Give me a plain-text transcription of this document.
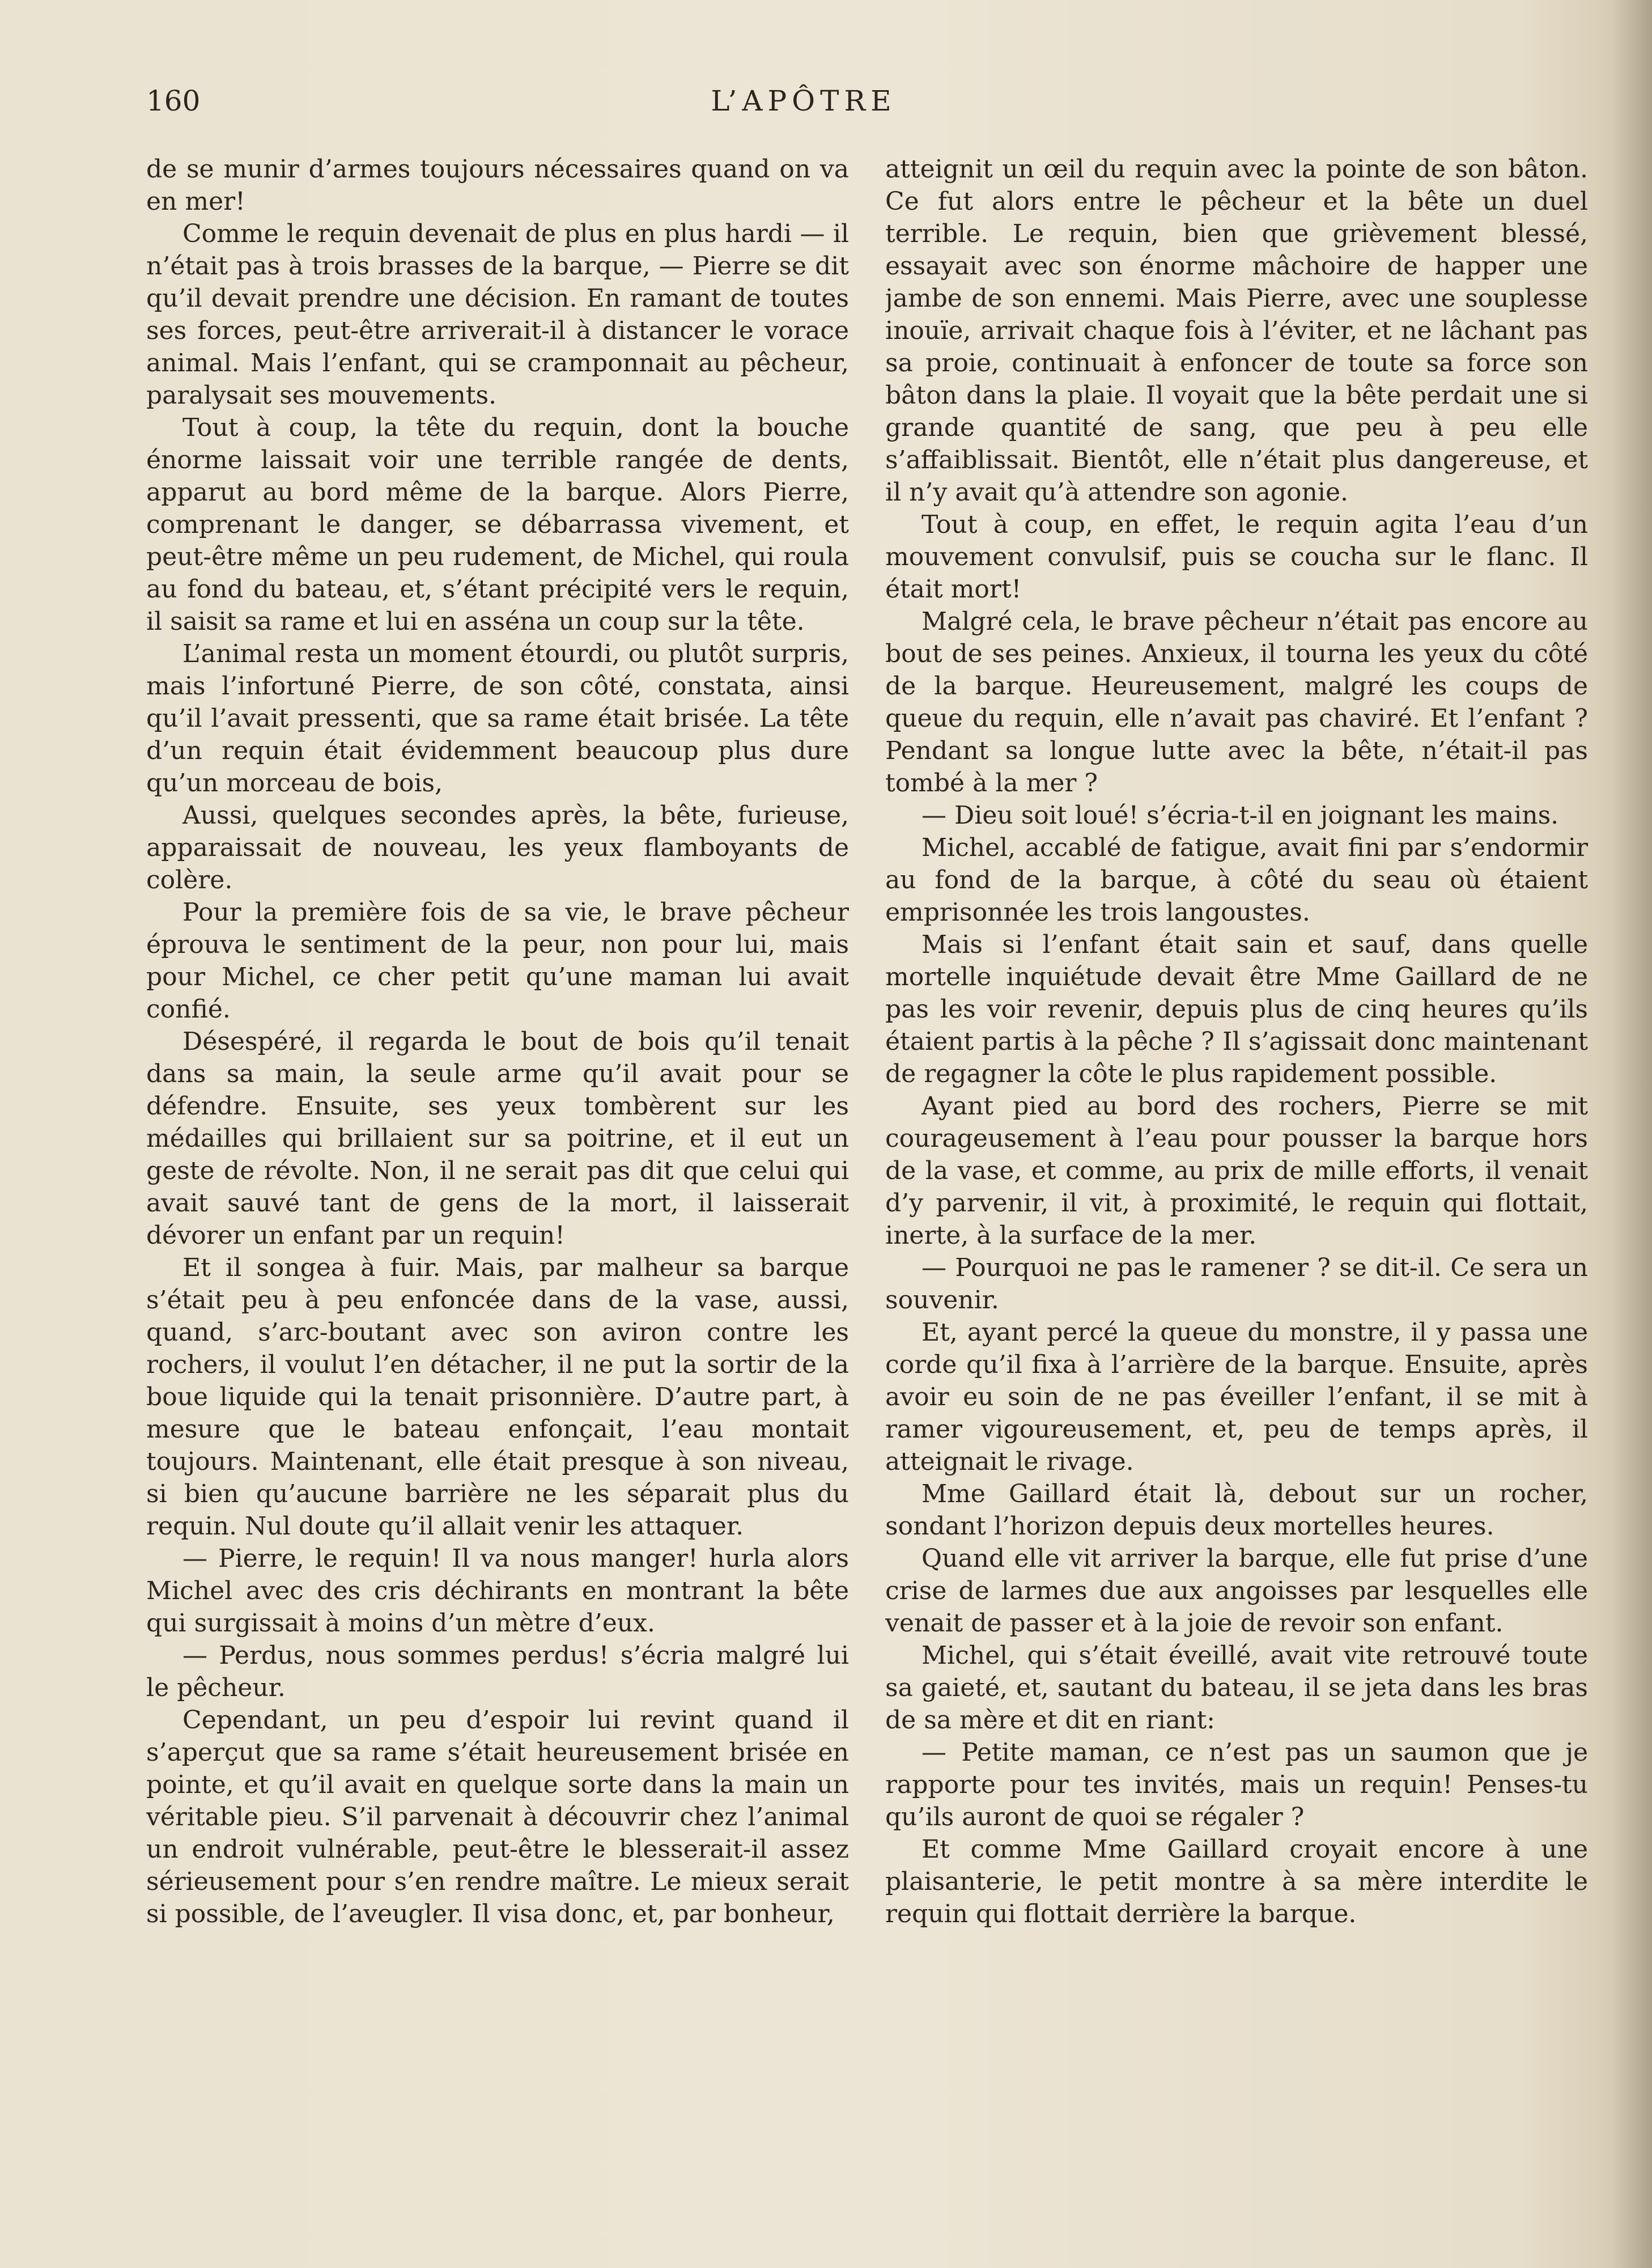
160	L’APÔTRE

de se munir d’armes toujours nécessaires quand on va en mer!

Comme le requin devenait de plus en plus hardi — il n’était pas à trois brasses de la barque, — Pierre se dit qu’il devait prendre une décision. En ramant de toutes ses forces, peut-être arriverait-il à distancer le vorace animal. Mais l’enfant, qui se cramponnait au pêcheur, paralysait ses mouvements.

Tout à coup, la tête du requin, dont la bouche énorme laissait voir une terrible rangée de dents, apparut au bord même de la barque. Alors Pierre, comprenant le danger, se débarrassa vivement, et peut-être même un peu rudement, de Michel, qui roula au fond du bateau, et, s’étant précipité vers le requin, il saisit sa rame et lui en asséna un coup sur la tête.

L’animal resta un moment étourdi, ou plutôt surpris, mais l’infortuné Pierre, de son côté, constata, ainsi qu’il l’avait pressenti, que sa rame était brisée. La tête d’un requin était évidemment beaucoup plus dure qu’un morceau de bois,

Aussi, quelques secondes après, la bête, furieuse, apparaissait de nouveau, les yeux flamboyants de colère.

Pour la première fois de sa vie, le brave pêcheur éprouva le sentiment de la peur, non pour lui, mais pour Michel, ce cher petit qu’une maman lui avait confié.

Désespéré, il regarda le bout de bois qu’il tenait dans sa main, la seule arme qu’il avait pour se défendre. Ensuite, ses yeux tombèrent sur les médailles qui brillaient sur sa poitrine, et il eut un geste de révolte. Non, il ne serait pas dit que celui qui avait sauvé tant de gens de la mort, il laisserait dévorer un enfant par un requin!

Et il songea à fuir. Mais, par malheur sa barque s’était peu à peu enfoncée dans de la vase, aussi, quand, s’arc-boutant avec son aviron contre les rochers, il voulut l’en détacher, il ne put la sortir de la boue liquide qui la tenait prisonnière. D’autre part, à mesure que le bateau enfonçait, l’eau montait toujours. Maintenant, elle était presque à son niveau, si bien qu’aucune barrière ne les séparait plus du requin. Nul doute qu’il allait venir les attaquer.

— Pierre, le requin! Il va nous manger! hurla alors Michel avec des cris déchirants en montrant la bête qui surgissait à moins d’un mètre d’eux.

— Perdus, nous sommes perdus! s’écria malgré lui le pêcheur.

Cependant, un peu d’espoir lui revint quand il s’aperçut que sa rame s’était heureusement brisée en pointe, et qu’il avait en quelque sorte dans la main un véritable pieu. S’il parvenait à découvrir chez l’animal un endroit vulnérable, peut-être le blesserait-il assez sérieusement pour s’en rendre maître. Le mieux serait si possible, de l’aveugler. Il visa donc, et, par bonheur,

atteignit un œil du requin avec la pointe de son bâton. Ce fut alors entre le pêcheur et la bête un duel terrible. Le requin, bien que grièvement blessé, essayait avec son énorme mâchoire de happer une jambe de son ennemi. Mais Pierre, avec une souplesse inouïe, arrivait chaque fois à l’éviter, et ne lâchant pas sa proie, continuait à enfoncer de toute sa force son bâton dans la plaie. Il voyait que la bête perdait une si grande quantité de sang, que peu à peu elle s’affaiblissait. Bientôt, elle n’était plus dangereuse, et il n’y avait qu’à attendre son agonie.

Tout à coup, en effet, le requin agita l’eau d’un mouvement convulsif, puis se coucha sur le flanc. Il était mort!

Malgré cela, le brave pêcheur n’était pas encore au bout de ses peines. Anxieux, il tourna les yeux du côté de la barque. Heureusement, malgré les coups de queue du requin, elle n’avait pas chaviré. Et l’enfant ? Pendant sa longue lutte avec la bête, n’était-il pas tombé à la mer ?

— Dieu soit loué! s’écria-t-il en joignant les mains.

Michel, accablé de fatigue, avait fini par s’endormir au fond de la barque, à côté du seau où étaient emprisonnée les trois langoustes.

Mais si l’enfant était sain et sauf, dans quelle mortelle inquiétude devait être Mme Gaillard de ne pas les voir revenir, depuis plus de cinq heures qu’ils étaient partis à la pêche ? Il s’agissait donc maintenant de regagner la côte le plus rapidement possible.

Ayant pied au bord des rochers, Pierre se mit courageusement à l’eau pour pousser la barque hors de la vase, et comme, au prix de mille efforts, il venait d’y parvenir, il vit, à proximité, le requin qui flottait, inerte, à la surface de la mer.

— Pourquoi ne pas le ramener ? se dit-il. Ce sera un souvenir.

Et, ayant percé la queue du monstre, il y passa une corde qu’il fixa à l’arrière de la barque. Ensuite, après avoir eu soin de ne pas éveiller l’enfant, il se mit à ramer vigoureusement, et, peu de temps après, il atteignait le rivage.

Mme Gaillard était là, debout sur un rocher, sondant l’horizon depuis deux mortelles heures.

Quand elle vit arriver la barque, elle fut prise d’une crise de larmes due aux angoisses par lesquelles elle venait de passer et à la joie de revoir son enfant.

Michel, qui s’était éveillé, avait vite retrouvé toute sa gaieté, et, sautant du bateau, il se jeta dans les bras de sa mère et dit en riant:

— Petite maman, ce n’est pas un saumon que je rapporte pour tes invités, mais un requin! Penses-tu qu’ils auront de quoi se régaler ?

Et comme Mme Gaillard croyait encore à une plaisanterie, le petit montre à sa mère interdite le requin qui flottait derrière la barque.
